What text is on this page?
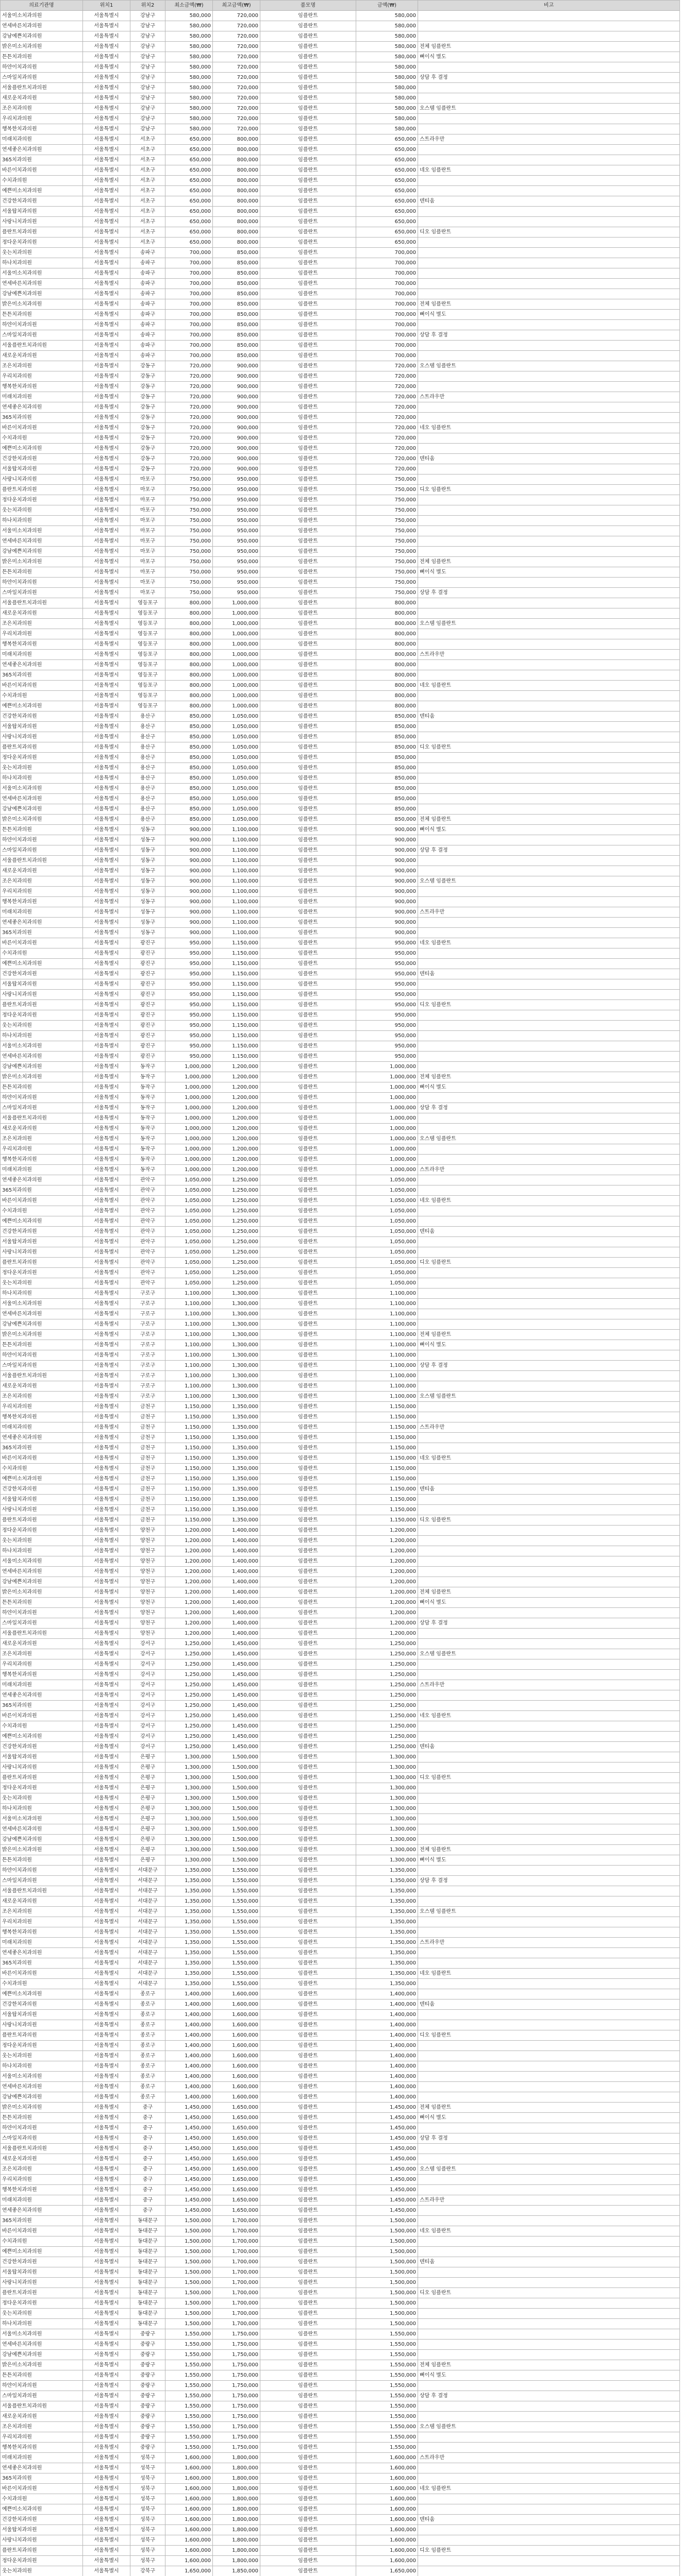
의료기관명	위치1	위치2	최소금액(₩)	최고금액(₩)	품모명	금액(₩)	비고
서울미소치과의원	서울특별시	강남구	580,000	720,000	임플란트	580,000	
연세바른치과의원	서울특별시	강남구	580,000	720,000	임플란트	580,000	
강남예쁜치과의원	서울특별시	강남구	580,000	720,000	임플란트	580,000	
밝은미소치과의원	서울특별시	강남구	580,000	720,000	임플란트	580,000	전체 임플란트
튼튼치과의원	서울특별시	강남구	580,000	720,000	임플란트	580,000	뼈이식 별도
하얀이치과의원	서울특별시	강남구	580,000	720,000	임플란트	580,000	
스마일치과의원	서울특별시	강남구	580,000	720,000	임플란트	580,000	상담 후 결정
서울플란트치과의원	서울특별시	강남구	580,000	720,000	임플란트	580,000	
새로운치과의원	서울특별시	강남구	580,000	720,000	임플란트	580,000	
조은치과의원	서울특별시	강남구	580,000	720,000	임플란트	580,000	오스템 임플란트
우리치과의원	서울특별시	강남구	580,000	720,000	임플란트	580,000	
행복한치과의원	서울특별시	강남구	580,000	720,000	임플란트	580,000	
미래치과의원	서울특별시	서초구	650,000	800,000	임플란트	650,000	스트라우만
연세좋은치과의원	서울특별시	서초구	650,000	800,000	임플란트	650,000	
365치과의원	서울특별시	서초구	650,000	800,000	임플란트	650,000	
바른이치과의원	서울특별시	서초구	650,000	800,000	임플란트	650,000	네오 임플란트
수치과의원	서울특별시	서초구	650,000	800,000	임플란트	650,000	
예쁜미소치과의원	서울특별시	서초구	650,000	800,000	임플란트	650,000	
건강한치과의원	서울특별시	서초구	650,000	800,000	임플란트	650,000	덴티움
서울탑치과의원	서울특별시	서초구	650,000	800,000	임플란트	650,000	
사랑니치과의원	서울특별시	서초구	650,000	800,000	임플란트	650,000	
플란트치과의원	서울특별시	서초구	650,000	800,000	임플란트	650,000	디오 임플란트
정다운치과의원	서울특별시	서초구	650,000	800,000	임플란트	650,000	
웃는치과의원	서울특별시	송파구	700,000	850,000	임플란트	700,000	
하나치과의원	서울특별시	송파구	700,000	850,000	임플란트	700,000	
서울미소치과의원	서울특별시	송파구	700,000	850,000	임플란트	700,000	
연세바른치과의원	서울특별시	송파구	700,000	850,000	임플란트	700,000	
강남예쁜치과의원	서울특별시	송파구	700,000	850,000	임플란트	700,000	
밝은미소치과의원	서울특별시	송파구	700,000	850,000	임플란트	700,000	전체 임플란트
튼튼치과의원	서울특별시	송파구	700,000	850,000	임플란트	700,000	뼈이식 별도
하얀이치과의원	서울특별시	송파구	700,000	850,000	임플란트	700,000	
스마일치과의원	서울특별시	송파구	700,000	850,000	임플란트	700,000	상담 후 결정
서울플란트치과의원	서울특별시	송파구	700,000	850,000	임플란트	700,000	
새로운치과의원	서울특별시	송파구	700,000	850,000	임플란트	700,000	
조은치과의원	서울특별시	강동구	720,000	900,000	임플란트	720,000	오스템 임플란트
우리치과의원	서울특별시	강동구	720,000	900,000	임플란트	720,000	
행복한치과의원	서울특별시	강동구	720,000	900,000	임플란트	720,000	
미래치과의원	서울특별시	강동구	720,000	900,000	임플란트	720,000	스트라우만
연세좋은치과의원	서울특별시	강동구	720,000	900,000	임플란트	720,000	
365치과의원	서울특별시	강동구	720,000	900,000	임플란트	720,000	
바른이치과의원	서울특별시	강동구	720,000	900,000	임플란트	720,000	네오 임플란트
수치과의원	서울특별시	강동구	720,000	900,000	임플란트	720,000	
예쁜미소치과의원	서울특별시	강동구	720,000	900,000	임플란트	720,000	
건강한치과의원	서울특별시	강동구	720,000	900,000	임플란트	720,000	덴티움
서울탑치과의원	서울특별시	강동구	720,000	900,000	임플란트	720,000	
사랑니치과의원	서울특별시	마포구	750,000	950,000	임플란트	750,000	
플란트치과의원	서울특별시	마포구	750,000	950,000	임플란트	750,000	디오 임플란트
정다운치과의원	서울특별시	마포구	750,000	950,000	임플란트	750,000	
웃는치과의원	서울특별시	마포구	750,000	950,000	임플란트	750,000	
하나치과의원	서울특별시	마포구	750,000	950,000	임플란트	750,000	
서울미소치과의원	서울특별시	마포구	750,000	950,000	임플란트	750,000	
연세바른치과의원	서울특별시	마포구	750,000	950,000	임플란트	750,000	
강남예쁜치과의원	서울특별시	마포구	750,000	950,000	임플란트	750,000	
밝은미소치과의원	서울특별시	마포구	750,000	950,000	임플란트	750,000	전체 임플란트
튼튼치과의원	서울특별시	마포구	750,000	950,000	임플란트	750,000	뼈이식 별도
하얀이치과의원	서울특별시	마포구	750,000	950,000	임플란트	750,000	
스마일치과의원	서울특별시	마포구	750,000	950,000	임플란트	750,000	상담 후 결정
서울플란트치과의원	서울특별시	영등포구	800,000	1,000,000	임플란트	800,000	
새로운치과의원	서울특별시	영등포구	800,000	1,000,000	임플란트	800,000	
조은치과의원	서울특별시	영등포구	800,000	1,000,000	임플란트	800,000	오스템 임플란트
우리치과의원	서울특별시	영등포구	800,000	1,000,000	임플란트	800,000	
행복한치과의원	서울특별시	영등포구	800,000	1,000,000	임플란트	800,000	
미래치과의원	서울특별시	영등포구	800,000	1,000,000	임플란트	800,000	스트라우만
연세좋은치과의원	서울특별시	영등포구	800,000	1,000,000	임플란트	800,000	
365치과의원	서울특별시	영등포구	800,000	1,000,000	임플란트	800,000	
바른이치과의원	서울특별시	영등포구	800,000	1,000,000	임플란트	800,000	네오 임플란트
수치과의원	서울특별시	영등포구	800,000	1,000,000	임플란트	800,000	
예쁜미소치과의원	서울특별시	영등포구	800,000	1,000,000	임플란트	800,000	
건강한치과의원	서울특별시	용산구	850,000	1,050,000	임플란트	850,000	덴티움
서울탑치과의원	서울특별시	용산구	850,000	1,050,000	임플란트	850,000	
사랑니치과의원	서울특별시	용산구	850,000	1,050,000	임플란트	850,000	
플란트치과의원	서울특별시	용산구	850,000	1,050,000	임플란트	850,000	디오 임플란트
정다운치과의원	서울특별시	용산구	850,000	1,050,000	임플란트	850,000	
웃는치과의원	서울특별시	용산구	850,000	1,050,000	임플란트	850,000	
하나치과의원	서울특별시	용산구	850,000	1,050,000	임플란트	850,000	
서울미소치과의원	서울특별시	용산구	850,000	1,050,000	임플란트	850,000	
연세바른치과의원	서울특별시	용산구	850,000	1,050,000	임플란트	850,000	
강남예쁜치과의원	서울특별시	용산구	850,000	1,050,000	임플란트	850,000	
밝은미소치과의원	서울특별시	용산구	850,000	1,050,000	임플란트	850,000	전체 임플란트
튼튼치과의원	서울특별시	성동구	900,000	1,100,000	임플란트	900,000	뼈이식 별도
하얀이치과의원	서울특별시	성동구	900,000	1,100,000	임플란트	900,000	
스마일치과의원	서울특별시	성동구	900,000	1,100,000	임플란트	900,000	상담 후 결정
서울플란트치과의원	서울특별시	성동구	900,000	1,100,000	임플란트	900,000	
새로운치과의원	서울특별시	성동구	900,000	1,100,000	임플란트	900,000	
조은치과의원	서울특별시	성동구	900,000	1,100,000	임플란트	900,000	오스템 임플란트
우리치과의원	서울특별시	성동구	900,000	1,100,000	임플란트	900,000	
행복한치과의원	서울특별시	성동구	900,000	1,100,000	임플란트	900,000	
미래치과의원	서울특별시	성동구	900,000	1,100,000	임플란트	900,000	스트라우만
연세좋은치과의원	서울특별시	성동구	900,000	1,100,000	임플란트	900,000	
365치과의원	서울특별시	성동구	900,000	1,100,000	임플란트	900,000	
바른이치과의원	서울특별시	광진구	950,000	1,150,000	임플란트	950,000	네오 임플란트
수치과의원	서울특별시	광진구	950,000	1,150,000	임플란트	950,000	
예쁜미소치과의원	서울특별시	광진구	950,000	1,150,000	임플란트	950,000	
건강한치과의원	서울특별시	광진구	950,000	1,150,000	임플란트	950,000	덴티움
서울탑치과의원	서울특별시	광진구	950,000	1,150,000	임플란트	950,000	
사랑니치과의원	서울특별시	광진구	950,000	1,150,000	임플란트	950,000	
플란트치과의원	서울특별시	광진구	950,000	1,150,000	임플란트	950,000	디오 임플란트
정다운치과의원	서울특별시	광진구	950,000	1,150,000	임플란트	950,000	
웃는치과의원	서울특별시	광진구	950,000	1,150,000	임플란트	950,000	
하나치과의원	서울특별시	광진구	950,000	1,150,000	임플란트	950,000	
서울미소치과의원	서울특별시	광진구	950,000	1,150,000	임플란트	950,000	
연세바른치과의원	서울특별시	광진구	950,000	1,150,000	임플란트	950,000	
강남예쁜치과의원	서울특별시	동작구	1,000,000	1,200,000	임플란트	1,000,000	
밝은미소치과의원	서울특별시	동작구	1,000,000	1,200,000	임플란트	1,000,000	전체 임플란트
튼튼치과의원	서울특별시	동작구	1,000,000	1,200,000	임플란트	1,000,000	뼈이식 별도
하얀이치과의원	서울특별시	동작구	1,000,000	1,200,000	임플란트	1,000,000	
스마일치과의원	서울특별시	동작구	1,000,000	1,200,000	임플란트	1,000,000	상담 후 결정
서울플란트치과의원	서울특별시	동작구	1,000,000	1,200,000	임플란트	1,000,000	
새로운치과의원	서울특별시	동작구	1,000,000	1,200,000	임플란트	1,000,000	
조은치과의원	서울특별시	동작구	1,000,000	1,200,000	임플란트	1,000,000	오스템 임플란트
우리치과의원	서울특별시	동작구	1,000,000	1,200,000	임플란트	1,000,000	
행복한치과의원	서울특별시	동작구	1,000,000	1,200,000	임플란트	1,000,000	
미래치과의원	서울특별시	동작구	1,000,000	1,200,000	임플란트	1,000,000	스트라우만
연세좋은치과의원	서울특별시	관악구	1,050,000	1,250,000	임플란트	1,050,000	
365치과의원	서울특별시	관악구	1,050,000	1,250,000	임플란트	1,050,000	
바른이치과의원	서울특별시	관악구	1,050,000	1,250,000	임플란트	1,050,000	네오 임플란트
수치과의원	서울특별시	관악구	1,050,000	1,250,000	임플란트	1,050,000	
예쁜미소치과의원	서울특별시	관악구	1,050,000	1,250,000	임플란트	1,050,000	
건강한치과의원	서울특별시	관악구	1,050,000	1,250,000	임플란트	1,050,000	덴티움
서울탑치과의원	서울특별시	관악구	1,050,000	1,250,000	임플란트	1,050,000	
사랑니치과의원	서울특별시	관악구	1,050,000	1,250,000	임플란트	1,050,000	
플란트치과의원	서울특별시	관악구	1,050,000	1,250,000	임플란트	1,050,000	디오 임플란트
정다운치과의원	서울특별시	관악구	1,050,000	1,250,000	임플란트	1,050,000	
웃는치과의원	서울특별시	관악구	1,050,000	1,250,000	임플란트	1,050,000	
하나치과의원	서울특별시	구로구	1,100,000	1,300,000	임플란트	1,100,000	
서울미소치과의원	서울특별시	구로구	1,100,000	1,300,000	임플란트	1,100,000	
연세바른치과의원	서울특별시	구로구	1,100,000	1,300,000	임플란트	1,100,000	
강남예쁜치과의원	서울특별시	구로구	1,100,000	1,300,000	임플란트	1,100,000	
밝은미소치과의원	서울특별시	구로구	1,100,000	1,300,000	임플란트	1,100,000	전체 임플란트
튼튼치과의원	서울특별시	구로구	1,100,000	1,300,000	임플란트	1,100,000	뼈이식 별도
하얀이치과의원	서울특별시	구로구	1,100,000	1,300,000	임플란트	1,100,000	
스마일치과의원	서울특별시	구로구	1,100,000	1,300,000	임플란트	1,100,000	상담 후 결정
서울플란트치과의원	서울특별시	구로구	1,100,000	1,300,000	임플란트	1,100,000	
새로운치과의원	서울특별시	구로구	1,100,000	1,300,000	임플란트	1,100,000	
조은치과의원	서울특별시	구로구	1,100,000	1,300,000	임플란트	1,100,000	오스템 임플란트
우리치과의원	서울특별시	금천구	1,150,000	1,350,000	임플란트	1,150,000	
행복한치과의원	서울특별시	금천구	1,150,000	1,350,000	임플란트	1,150,000	
미래치과의원	서울특별시	금천구	1,150,000	1,350,000	임플란트	1,150,000	스트라우만
연세좋은치과의원	서울특별시	금천구	1,150,000	1,350,000	임플란트	1,150,000	
365치과의원	서울특별시	금천구	1,150,000	1,350,000	임플란트	1,150,000	
바른이치과의원	서울특별시	금천구	1,150,000	1,350,000	임플란트	1,150,000	네오 임플란트
수치과의원	서울특별시	금천구	1,150,000	1,350,000	임플란트	1,150,000	
예쁜미소치과의원	서울특별시	금천구	1,150,000	1,350,000	임플란트	1,150,000	
건강한치과의원	서울특별시	금천구	1,150,000	1,350,000	임플란트	1,150,000	덴티움
서울탑치과의원	서울특별시	금천구	1,150,000	1,350,000	임플란트	1,150,000	
사랑니치과의원	서울특별시	금천구	1,150,000	1,350,000	임플란트	1,150,000	
플란트치과의원	서울특별시	금천구	1,150,000	1,350,000	임플란트	1,150,000	디오 임플란트
정다운치과의원	서울특별시	양천구	1,200,000	1,400,000	임플란트	1,200,000	
웃는치과의원	서울특별시	양천구	1,200,000	1,400,000	임플란트	1,200,000	
하나치과의원	서울특별시	양천구	1,200,000	1,400,000	임플란트	1,200,000	
서울미소치과의원	서울특별시	양천구	1,200,000	1,400,000	임플란트	1,200,000	
연세바른치과의원	서울특별시	양천구	1,200,000	1,400,000	임플란트	1,200,000	
강남예쁜치과의원	서울특별시	양천구	1,200,000	1,400,000	임플란트	1,200,000	
밝은미소치과의원	서울특별시	양천구	1,200,000	1,400,000	임플란트	1,200,000	전체 임플란트
튼튼치과의원	서울특별시	양천구	1,200,000	1,400,000	임플란트	1,200,000	뼈이식 별도
하얀이치과의원	서울특별시	양천구	1,200,000	1,400,000	임플란트	1,200,000	
스마일치과의원	서울특별시	양천구	1,200,000	1,400,000	임플란트	1,200,000	상담 후 결정
서울플란트치과의원	서울특별시	양천구	1,200,000	1,400,000	임플란트	1,200,000	
새로운치과의원	서울특별시	강서구	1,250,000	1,450,000	임플란트	1,250,000	
조은치과의원	서울특별시	강서구	1,250,000	1,450,000	임플란트	1,250,000	오스템 임플란트
우리치과의원	서울특별시	강서구	1,250,000	1,450,000	임플란트	1,250,000	
행복한치과의원	서울특별시	강서구	1,250,000	1,450,000	임플란트	1,250,000	
미래치과의원	서울특별시	강서구	1,250,000	1,450,000	임플란트	1,250,000	스트라우만
연세좋은치과의원	서울특별시	강서구	1,250,000	1,450,000	임플란트	1,250,000	
365치과의원	서울특별시	강서구	1,250,000	1,450,000	임플란트	1,250,000	
바른이치과의원	서울특별시	강서구	1,250,000	1,450,000	임플란트	1,250,000	네오 임플란트
수치과의원	서울특별시	강서구	1,250,000	1,450,000	임플란트	1,250,000	
예쁜미소치과의원	서울특별시	강서구	1,250,000	1,450,000	임플란트	1,250,000	
건강한치과의원	서울특별시	강서구	1,250,000	1,450,000	임플란트	1,250,000	덴티움
서울탑치과의원	서울특별시	은평구	1,300,000	1,500,000	임플란트	1,300,000	
사랑니치과의원	서울특별시	은평구	1,300,000	1,500,000	임플란트	1,300,000	
플란트치과의원	서울특별시	은평구	1,300,000	1,500,000	임플란트	1,300,000	디오 임플란트
정다운치과의원	서울특별시	은평구	1,300,000	1,500,000	임플란트	1,300,000	
웃는치과의원	서울특별시	은평구	1,300,000	1,500,000	임플란트	1,300,000	
하나치과의원	서울특별시	은평구	1,300,000	1,500,000	임플란트	1,300,000	
서울미소치과의원	서울특별시	은평구	1,300,000	1,500,000	임플란트	1,300,000	
연세바른치과의원	서울특별시	은평구	1,300,000	1,500,000	임플란트	1,300,000	
강남예쁜치과의원	서울특별시	은평구	1,300,000	1,500,000	임플란트	1,300,000	
밝은미소치과의원	서울특별시	은평구	1,300,000	1,500,000	임플란트	1,300,000	전체 임플란트
튼튼치과의원	서울특별시	은평구	1,300,000	1,500,000	임플란트	1,300,000	뼈이식 별도
하얀이치과의원	서울특별시	서대문구	1,350,000	1,550,000	임플란트	1,350,000	
스마일치과의원	서울특별시	서대문구	1,350,000	1,550,000	임플란트	1,350,000	상담 후 결정
서울플란트치과의원	서울특별시	서대문구	1,350,000	1,550,000	임플란트	1,350,000	
새로운치과의원	서울특별시	서대문구	1,350,000	1,550,000	임플란트	1,350,000	
조은치과의원	서울특별시	서대문구	1,350,000	1,550,000	임플란트	1,350,000	오스템 임플란트
우리치과의원	서울특별시	서대문구	1,350,000	1,550,000	임플란트	1,350,000	
행복한치과의원	서울특별시	서대문구	1,350,000	1,550,000	임플란트	1,350,000	
미래치과의원	서울특별시	서대문구	1,350,000	1,550,000	임플란트	1,350,000	스트라우만
연세좋은치과의원	서울특별시	서대문구	1,350,000	1,550,000	임플란트	1,350,000	
365치과의원	서울특별시	서대문구	1,350,000	1,550,000	임플란트	1,350,000	
바른이치과의원	서울특별시	서대문구	1,350,000	1,550,000	임플란트	1,350,000	네오 임플란트
수치과의원	서울특별시	서대문구	1,350,000	1,550,000	임플란트	1,350,000	
예쁜미소치과의원	서울특별시	종로구	1,400,000	1,600,000	임플란트	1,400,000	
건강한치과의원	서울특별시	종로구	1,400,000	1,600,000	임플란트	1,400,000	덴티움
서울탑치과의원	서울특별시	종로구	1,400,000	1,600,000	임플란트	1,400,000	
사랑니치과의원	서울특별시	종로구	1,400,000	1,600,000	임플란트	1,400,000	
플란트치과의원	서울특별시	종로구	1,400,000	1,600,000	임플란트	1,400,000	디오 임플란트
정다운치과의원	서울특별시	종로구	1,400,000	1,600,000	임플란트	1,400,000	
웃는치과의원	서울특별시	종로구	1,400,000	1,600,000	임플란트	1,400,000	
하나치과의원	서울특별시	종로구	1,400,000	1,600,000	임플란트	1,400,000	
서울미소치과의원	서울특별시	종로구	1,400,000	1,600,000	임플란트	1,400,000	
연세바른치과의원	서울특별시	종로구	1,400,000	1,600,000	임플란트	1,400,000	
강남예쁜치과의원	서울특별시	종로구	1,400,000	1,600,000	임플란트	1,400,000	
밝은미소치과의원	서울특별시	중구	1,450,000	1,650,000	임플란트	1,450,000	전체 임플란트
튼튼치과의원	서울특별시	중구	1,450,000	1,650,000	임플란트	1,450,000	뼈이식 별도
하얀이치과의원	서울특별시	중구	1,450,000	1,650,000	임플란트	1,450,000	
스마일치과의원	서울특별시	중구	1,450,000	1,650,000	임플란트	1,450,000	상담 후 결정
서울플란트치과의원	서울특별시	중구	1,450,000	1,650,000	임플란트	1,450,000	
새로운치과의원	서울특별시	중구	1,450,000	1,650,000	임플란트	1,450,000	
조은치과의원	서울특별시	중구	1,450,000	1,650,000	임플란트	1,450,000	오스템 임플란트
우리치과의원	서울특별시	중구	1,450,000	1,650,000	임플란트	1,450,000	
행복한치과의원	서울특별시	중구	1,450,000	1,650,000	임플란트	1,450,000	
미래치과의원	서울특별시	중구	1,450,000	1,650,000	임플란트	1,450,000	스트라우만
연세좋은치과의원	서울특별시	중구	1,450,000	1,650,000	임플란트	1,450,000	
365치과의원	서울특별시	동대문구	1,500,000	1,700,000	임플란트	1,500,000	
바른이치과의원	서울특별시	동대문구	1,500,000	1,700,000	임플란트	1,500,000	네오 임플란트
수치과의원	서울특별시	동대문구	1,500,000	1,700,000	임플란트	1,500,000	
예쁜미소치과의원	서울특별시	동대문구	1,500,000	1,700,000	임플란트	1,500,000	
건강한치과의원	서울특별시	동대문구	1,500,000	1,700,000	임플란트	1,500,000	덴티움
서울탑치과의원	서울특별시	동대문구	1,500,000	1,700,000	임플란트	1,500,000	
사랑니치과의원	서울특별시	동대문구	1,500,000	1,700,000	임플란트	1,500,000	
플란트치과의원	서울특별시	동대문구	1,500,000	1,700,000	임플란트	1,500,000	디오 임플란트
정다운치과의원	서울특별시	동대문구	1,500,000	1,700,000	임플란트	1,500,000	
웃는치과의원	서울특별시	동대문구	1,500,000	1,700,000	임플란트	1,500,000	
하나치과의원	서울특별시	동대문구	1,500,000	1,700,000	임플란트	1,500,000	
서울미소치과의원	서울특별시	중랑구	1,550,000	1,750,000	임플란트	1,550,000	
연세바른치과의원	서울특별시	중랑구	1,550,000	1,750,000	임플란트	1,550,000	
강남예쁜치과의원	서울특별시	중랑구	1,550,000	1,750,000	임플란트	1,550,000	
밝은미소치과의원	서울특별시	중랑구	1,550,000	1,750,000	임플란트	1,550,000	전체 임플란트
튼튼치과의원	서울특별시	중랑구	1,550,000	1,750,000	임플란트	1,550,000	뼈이식 별도
하얀이치과의원	서울특별시	중랑구	1,550,000	1,750,000	임플란트	1,550,000	
스마일치과의원	서울특별시	중랑구	1,550,000	1,750,000	임플란트	1,550,000	상담 후 결정
서울플란트치과의원	서울특별시	중랑구	1,550,000	1,750,000	임플란트	1,550,000	
새로운치과의원	서울특별시	중랑구	1,550,000	1,750,000	임플란트	1,550,000	
조은치과의원	서울특별시	중랑구	1,550,000	1,750,000	임플란트	1,550,000	오스템 임플란트
우리치과의원	서울특별시	중랑구	1,550,000	1,750,000	임플란트	1,550,000	
행복한치과의원	서울특별시	중랑구	1,550,000	1,750,000	임플란트	1,550,000	
미래치과의원	서울특별시	성북구	1,600,000	1,800,000	임플란트	1,600,000	스트라우만
연세좋은치과의원	서울특별시	성북구	1,600,000	1,800,000	임플란트	1,600,000	
365치과의원	서울특별시	성북구	1,600,000	1,800,000	임플란트	1,600,000	
바른이치과의원	서울특별시	성북구	1,600,000	1,800,000	임플란트	1,600,000	네오 임플란트
수치과의원	서울특별시	성북구	1,600,000	1,800,000	임플란트	1,600,000	
예쁜미소치과의원	서울특별시	성북구	1,600,000	1,800,000	임플란트	1,600,000	
건강한치과의원	서울특별시	성북구	1,600,000	1,800,000	임플란트	1,600,000	덴티움
서울탑치과의원	서울특별시	성북구	1,600,000	1,800,000	임플란트	1,600,000	
사랑니치과의원	서울특별시	성북구	1,600,000	1,800,000	임플란트	1,600,000	
플란트치과의원	서울특별시	성북구	1,600,000	1,800,000	임플란트	1,600,000	디오 임플란트
정다운치과의원	서울특별시	성북구	1,600,000	1,800,000	임플란트	1,600,000	
웃는치과의원	서울특별시	강북구	1,650,000	1,850,000	임플란트	1,650,000	
